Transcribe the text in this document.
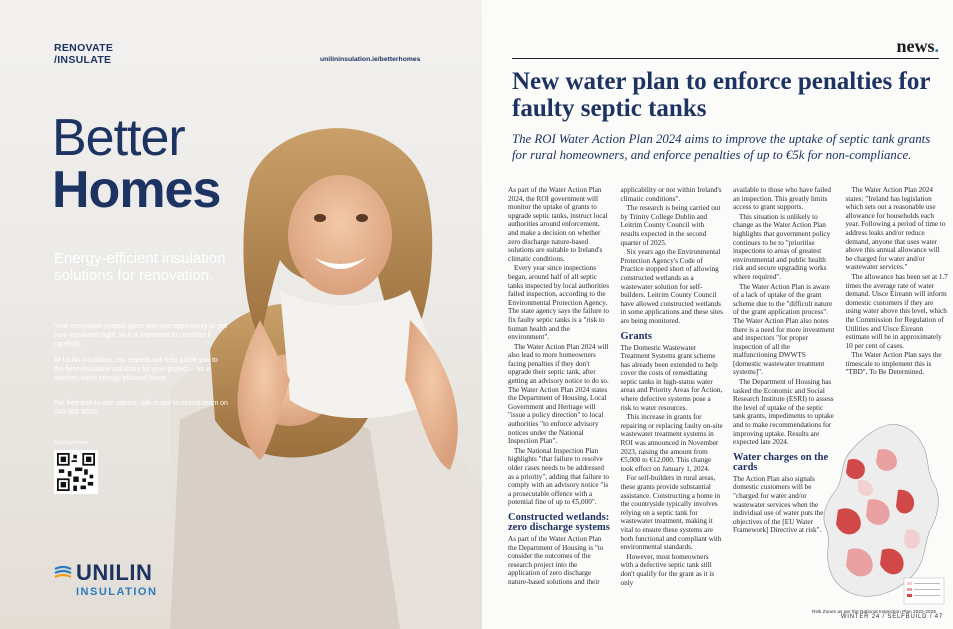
RENOVATE
/INSULATE	unilininsulation.ie/betterhomes
Better
Homes
Energy-efficient insulation solutions for renovation.
Your renovation project gives you one opportunity to get your insulation right, so it is important to consider it carefully.
At Unilin Insulation, our experts will help guide you to the best insulation solutions for your project – for a warmer, more energy-efficient home.
For free one-to-one advice, talk to our technical team on 046 906 6050.
Find out more
UNILIN
INSULATION
news.
New water plan to enforce penalties for faulty septic tanks

The ROI Water Action Plan 2024 aims to improve the uptake of septic tank grants for rural homeowners, and enforce penalties of up to €5k for non-compliance.

As part of the Water Action Plan 2024, the ROI government will monitor the uptake of grants to upgrade septic tanks, instruct local authorities around enforcement, and make a decision on whether zero discharge nature-based solutions are suitable to Ireland's climatic conditions.

Every year since inspections began, around half of all septic tanks inspected by local authorities failed inspection, according to the Environmental Protection Agency. The state agency says the failure to fix faulty septic tanks is a "risk to human health and the environment".

The Water Action Plan 2024 will also lead to more homeowners facing penalties if they don't upgrade their septic tank, after getting an advisory notice to do so. The Water Action Plan 2024 states the Department of Housing, Local Government and Heritage will "issue a policy direction" to local authorities "to enforce advisory notices under the National Inspection Plan".

The National Inspection Plan highlights "that failure to resolve older cases needs to be addressed as a priority", adding that failure to comply with an advisory notice "is a prosecutable offence with a potential fine of up to €5,000".

Constructed wetlands: zero discharge systems

As part of the Water Action Plan the Department of Housing is "to consider the outcomes of the research project into the application of zero discharge nature-based solutions and their

applicability or not within Ireland's climatic conditions".

The research is being carried out by Trinity College Dublin and Leitrim County Council with results expected in the second quarter of 2025.

Six years ago the Environmental Protection Agency's Code of Practice stopped short of allowing constructed wetlands as a wastewater solution for self-builders. Leitrim County Council have allowed constructed wetlands in some applications and these sites are being monitored.

Grants

The Domestic Wastewater Treatment Systems grant scheme has already been extended to help cover the costs of remediating septic tanks in high-status water areas and Priority Areas for Action, where defective systems pose a risk to water resources.

This increase in grants for repairing or replacing faulty on-site wastewater treatment systems in ROI was announced in November 2023, raising the amount from €5,000 to €12,000. This change took effect on January 1, 2024.

For self-builders in rural areas, these grants provide substantial assistance. Constructing a home in the countryside typically involves relying on a septic tank for wastewater treatment, making it vital to ensure these systems are both functional and compliant with environmental standards.

However, most homeowners with a defective septic tank still don't qualify for the grant as it is only

available to those who have failed an inspection. This greatly limits access to grant supports.

This situation is unlikely to change as the Water Action Plan highlights that government policy continues to be to "prioritise inspections to areas of greatest environmental and public health risk and secure upgrading works where required".

The Water Action Plan is aware of a lack of uptake of the grant scheme due to the "difficult nature of the grant application process". The Water Action Plan also notes there is a need for more investment and inspectors "for proper inspection of all the malfunctioning DWWTS [domestic wastewater treatment systems]".

The Department of Housing has tasked the Economic and Social Research Institute (ESRI) to assess the level of uptake of the septic tank grants, impediments to uptake and to make recommendations for improving uptake. Results are expected late 2024.

Water charges on the cards

The Action Plan also signals domestic customers will be "charged for water and/or wastewater services when the individual use of water puts the objectives of the [EU Water Framework] Directive at risk".

The Water Action Plan 2024 states: "Ireland has legislation which sets out a reasonable use allowance for households each year. Following a period of time to address leaks and/or reduce demand, anyone that uses water above this annual allowance will be charged for water and/or wastewater services."

The allowance has been set at 1.7 times the average rate of water demand. Uisce Éireann will inform domestic customers if they are using water above this level, which the Commission for Regulation of Utilities and Uisce Éireann estimate will be in approximately 10 per cent of cases.

The Water Action Plan says the timescale to implement this is "TBD", To Be Determined.

Risk Zones as per the National Inspection Plan 2022-2026
WINTER 24 / SELFBUILD / 47
